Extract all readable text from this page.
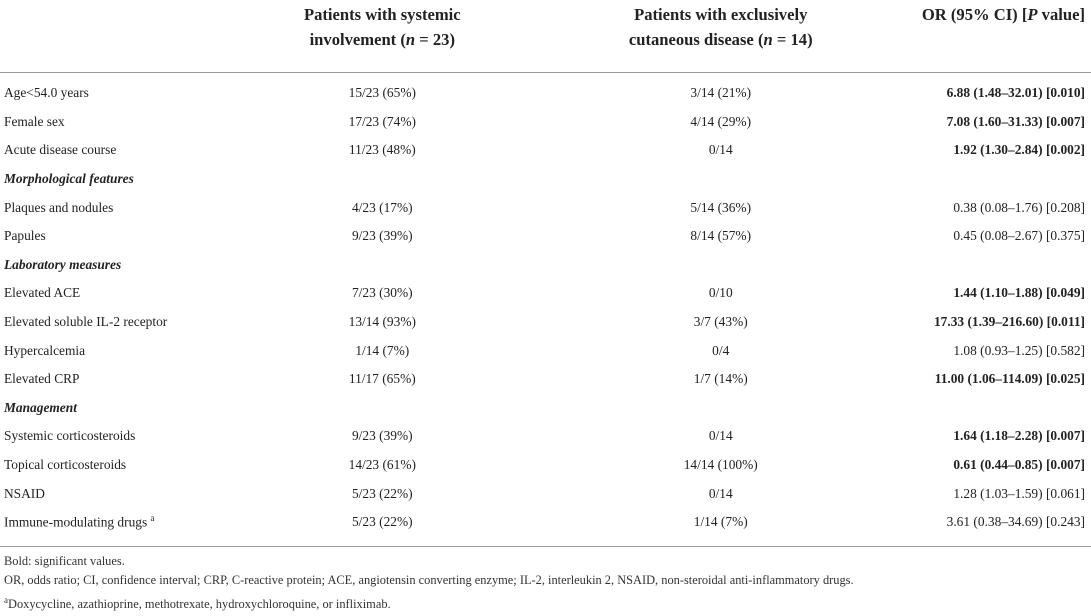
	Patients with systemic
involvement (n = 23)	Patients with exclusively
cutaneous disease (n = 14)	OR (95% CI) [P value]
Age<54.0 years	15/23 (65%)	3/14 (21%)	6.88 (1.48–32.01) [0.010]
Female sex	17/23 (74%)	4/14 (29%)	7.08 (1.60–31.33) [0.007]
Acute disease course	11/23 (48%)	0/14	1.92 (1.30–2.84) [0.002]
Morphological features			
Plaques and nodules	4/23 (17%)	5/14 (36%)	0.38 (0.08–1.76) [0.208]
Papules	9/23 (39%)	8/14 (57%)	0.45 (0.08–2.67) [0.375]
Laboratory measures			
Elevated ACE	7/23 (30%)	0/10	1.44 (1.10–1.88) [0.049]
Elevated soluble IL-2 receptor	13/14 (93%)	3/7 (43%)	17.33 (1.39–216.60) [0.011]
Hypercalcemia	1/14 (7%)	0/4	1.08 (0.93–1.25) [0.582]
Elevated CRP	11/17 (65%)	1/7 (14%)	11.00 (1.06–114.09) [0.025]
Management			
Systemic corticosteroids	9/23 (39%)	0/14	1.64 (1.18–2.28) [0.007]
Topical corticosteroids	14/23 (61%)	14/14 (100%)	0.61 (0.44–0.85) [0.007]
NSAID	5/23 (22%)	0/14	1.28 (1.03–1.59) [0.061]
Immune-modulating drugs $^a$	5/23 (22%)	1/14 (7%)	3.61 (0.38–34.69) [0.243]
Bold: significant values.
OR, odds ratio; CI, confidence interval; CRP, C-reactive protein; ACE, angiotensin converting enzyme; IL-2, interleukin 2, NSAID, non-steroidal anti-inflammatory drugs.
$^a$Doxycycline, azathioprine, methotrexate, hydroxychloroquine, or infliximab.
